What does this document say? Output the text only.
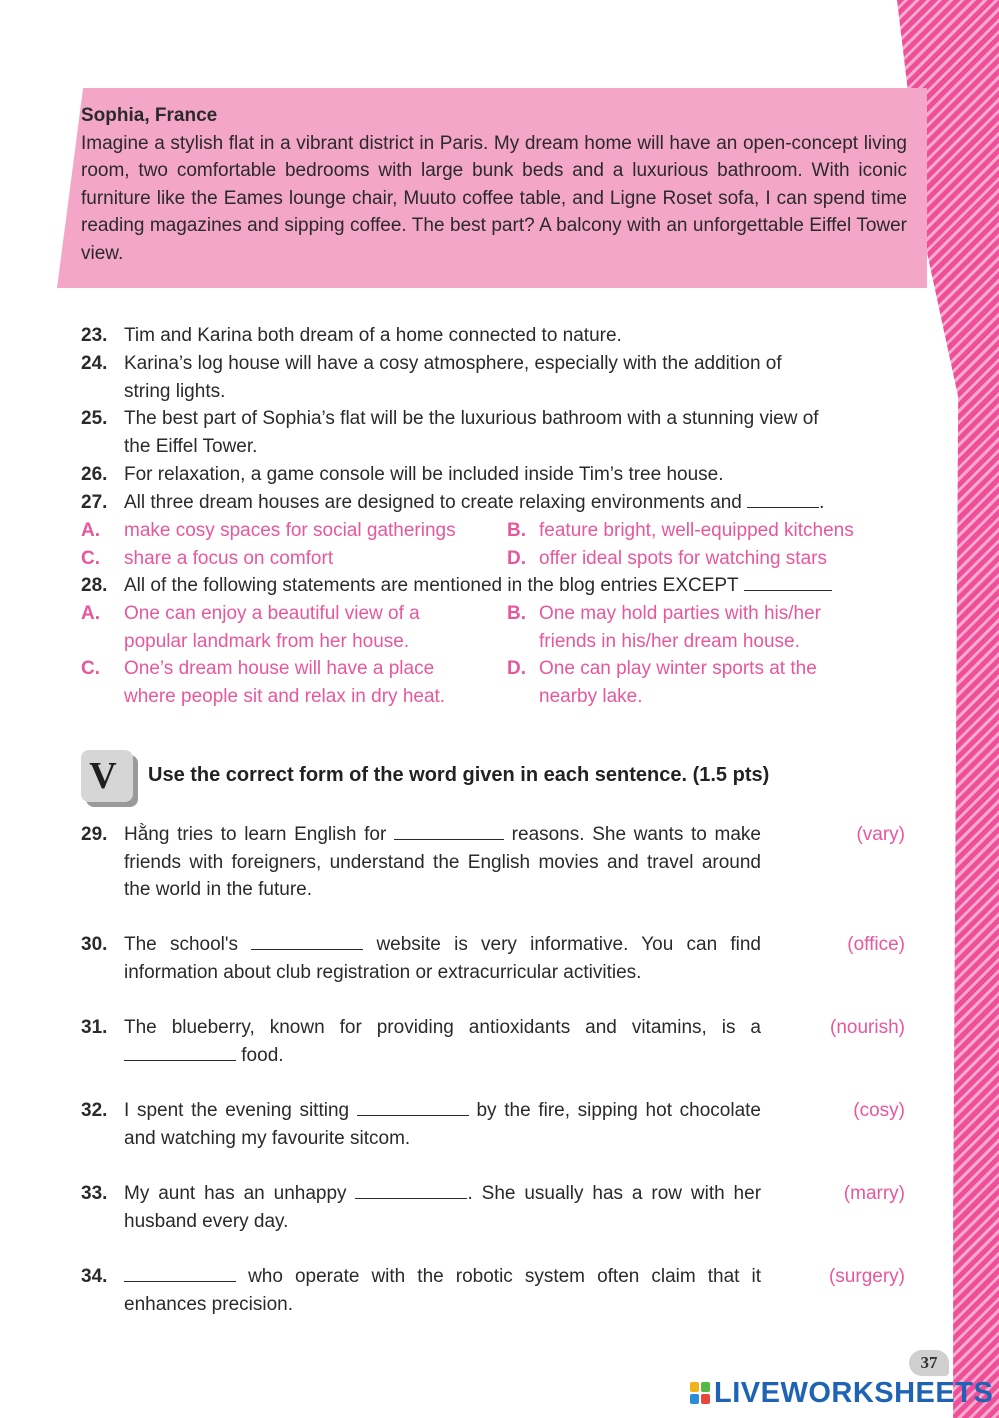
Sophia, France
Imagine a stylish flat in a vibrant district in Paris. My dream home will have an open-concept living room, two comfortable bedrooms with large bunk beds and a luxurious bathroom. With iconic furniture like the Eames lounge chair, Muuto coffee table, and Ligne Roset sofa, I can spend time reading magazines and sipping coffee. The best part? A balcony with an unforgettable Eiffel Tower view.
23. Tim and Karina both dream of a home connected to nature.
24. Karina’s log house will have a cosy atmosphere, especially with the addition of
string lights.
25. The best part of Sophia’s flat will be the luxurious bathroom with a stunning view of
the Eiffel Tower.
26. For relaxation, a game console will be included inside Tim’s tree house.
27. All three dream houses are designed to create relaxing environments and	.
A. make cosy spaces for social gatherings	B. feature bright, well-equipped kitchens
C. share a focus on comfort	D. offer ideal spots for watching stars
28. All of the following statements are mentioned in the blog entries EXCEPT
A. One can enjoy a beautiful view of a
popular landmark from her house.
B. One may hold parties with his/her
friends in his/her dream house.
C. One’s dream house will have a place
where people sit and relax in dry heat.
D. One can play winter sports at the
nearby lake.
V	Use the correct form of the word given in each sentence. (1.5 pts)
29. Hằng tries to learn English for	reasons. She wants to make friends with foreigners, understand the English movies and travel around the world in the future.
(vary)
30. The school's	website is very informative. You can find information about club registration or extracurricular activities.
(office)
31. The blueberry, known for providing antioxidants and vitamins, is a  food.
(nourish)
32. I spent the evening sitting	by the fire, sipping hot chocolate and watching my favourite sitcom.
(cosy)
33. My aunt has an unhappy	. She usually has a row with her husband every day.
(marry)
34.	who operate with the robotic system often claim that it enhances precision.
(surgery)
37
LIVEWORKSHEETS
